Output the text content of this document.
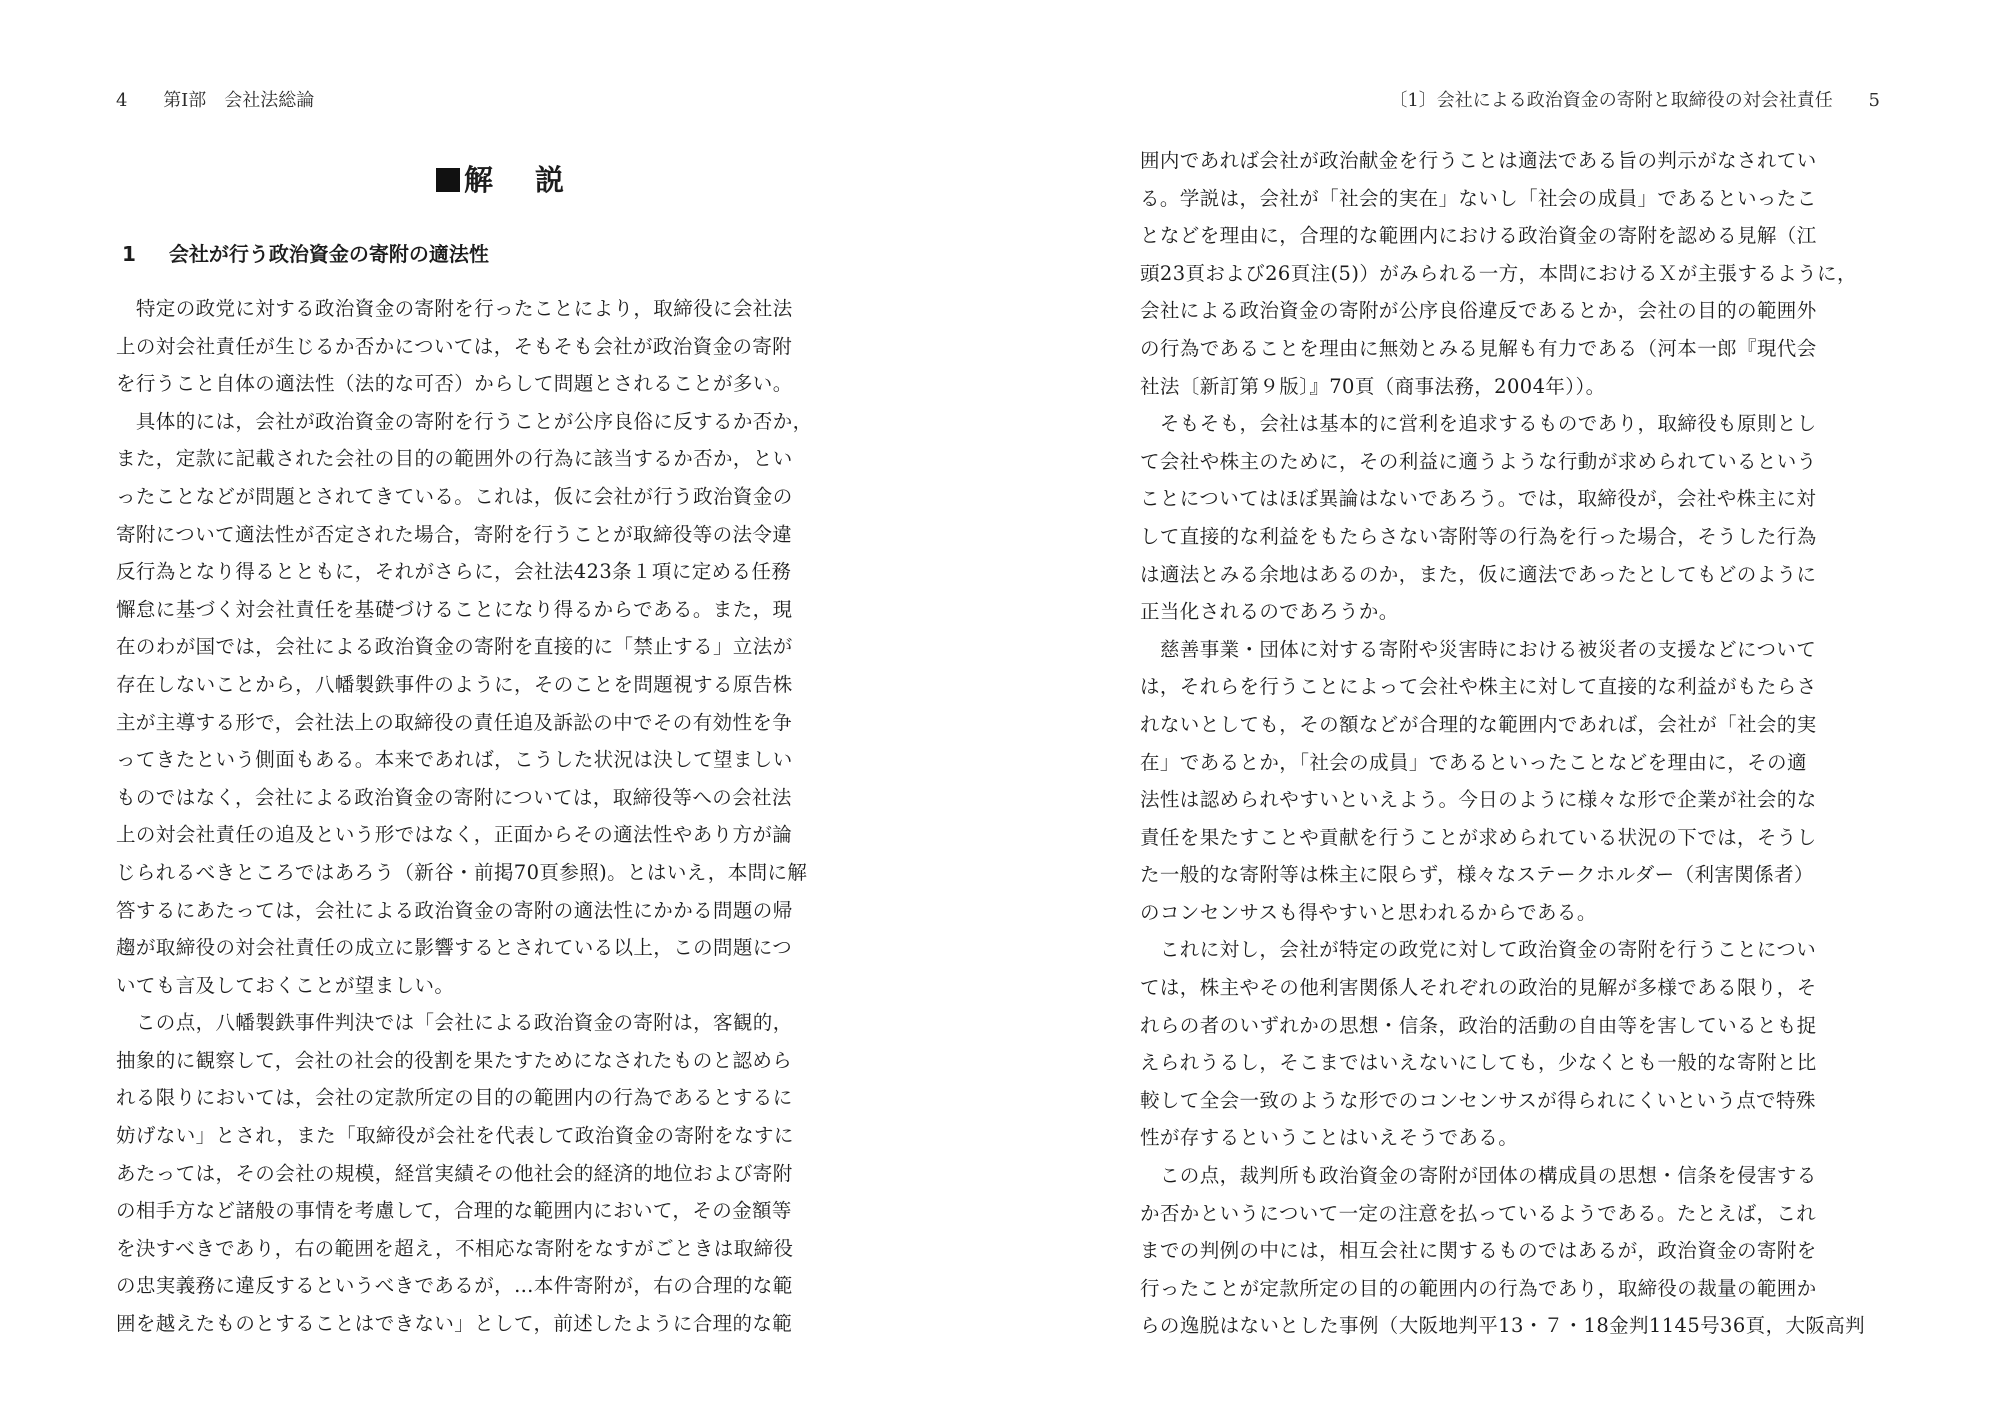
4 第Ⅰ部　会社法総論
解 説
1 会社が行う政治資金の寄附の適法性
　特定の政党に対する政治資金の寄附を行ったことにより，取締役に会社法
上の対会社責任が生じるか否かについては，そもそも会社が政治資金の寄附
を行うこと自体の適法性（法的な可否）からして問題とされることが多い。
　具体的には，会社が政治資金の寄附を行うことが公序良俗に反するか否か，
また，定款に記載された会社の目的の範囲外の行為に該当するか否か，とい
ったことなどが問題とされてきている。これは，仮に会社が行う政治資金の
寄附について適法性が否定された場合，寄附を行うことが取締役等の法令違
反行為となり得るとともに，それがさらに，会社法423条１項に定める任務
懈怠に基づく対会社責任を基礎づけることになり得るからである。また，現
在のわが国では，会社による政治資金の寄附を直接的に「禁止する」立法が
存在しないことから，八幡製鉄事件のように，そのことを問題視する原告株
主が主導する形で，会社法上の取締役の責任追及訴訟の中でその有効性を争
ってきたという側面もある。本来であれば，こうした状況は決して望ましい
ものではなく，会社による政治資金の寄附については，取締役等への会社法
上の対会社責任の追及という形ではなく，正面からその適法性やあり方が論
じられるべきところではあろう（新谷・前掲70頁参照)。とはいえ，本問に解
答するにあたっては，会社による政治資金の寄附の適法性にかかる問題の帰
趨が取締役の対会社責任の成立に影響するとされている以上，この問題につ
いても言及しておくことが望ましい。
　この点，八幡製鉄事件判決では「会社による政治資金の寄附は，客観的，
抽象的に観察して，会社の社会的役割を果たすためになされたものと認めら
れる限りにおいては，会社の定款所定の目的の範囲内の行為であるとするに
妨げない」とされ，また「取締役が会社を代表して政治資金の寄附をなすに
あたっては，その会社の規模，経営実績その他社会的経済的地位および寄附
の相手方など諸般の事情を考慮して，合理的な範囲内において，その金額等
を決すべきであり，右の範囲を超え，不相応な寄附をなすがごときは取締役
の忠実義務に違反するというべきであるが，…本件寄附が，右の合理的な範
囲を越えたものとすることはできない」として，前述したように合理的な範
〔1〕会社による政治資金の寄附と取締役の対会社責任 5
囲内であれば会社が政治献金を行うことは適法である旨の判示がなされてい
る。学説は，会社が「社会的実在」ないし「社会の成員」であるといったこ
となどを理由に，合理的な範囲内における政治資金の寄附を認める見解（江
頭23頁および26頁注(5)）がみられる一方，本問におけるＸが主張するように，
会社による政治資金の寄附が公序良俗違反であるとか，会社の目的の範囲外
の行為であることを理由に無効とみる見解も有力である（河本一郎『現代会
社法〔新訂第９版〕』70頁（商事法務，2004年））。
　そもそも，会社は基本的に営利を追求するものであり，取締役も原則とし
て会社や株主のために，その利益に適うような行動が求められているという
ことについてはほぼ異論はないであろう。では，取締役が，会社や株主に対
して直接的な利益をもたらさない寄附等の行為を行った場合，そうした行為
は適法とみる余地はあるのか，また，仮に適法であったとしてもどのように
正当化されるのであろうか。
　慈善事業・団体に対する寄附や災害時における被災者の支援などについて
は，それらを行うことによって会社や株主に対して直接的な利益がもたらさ
れないとしても，その額などが合理的な範囲内であれば，会社が「社会的実
在」であるとか，「社会の成員」であるといったことなどを理由に，その適
法性は認められやすいといえよう。今日のように様々な形で企業が社会的な
責任を果たすことや貢献を行うことが求められている状況の下では，そうし
た一般的な寄附等は株主に限らず，様々なステークホルダー（利害関係者）
のコンセンサスも得やすいと思われるからである。
　これに対し，会社が特定の政党に対して政治資金の寄附を行うことについ
ては，株主やその他利害関係人それぞれの政治的見解が多様である限り，そ
れらの者のいずれかの思想・信条，政治的活動の自由等を害しているとも捉
えられうるし，そこまではいえないにしても，少なくとも一般的な寄附と比
較して全会一致のような形でのコンセンサスが得られにくいという点で特殊
性が存するということはいえそうである。
　この点，裁判所も政治資金の寄附が団体の構成員の思想・信条を侵害する
か否かというについて一定の注意を払っているようである。たとえば，これ
までの判例の中には，相互会社に関するものではあるが，政治資金の寄附を
行ったことが定款所定の目的の範囲内の行為であり，取締役の裁量の範囲か
らの逸脱はないとした事例（大阪地判平13・７・18金判1145号36頁，大阪高判
